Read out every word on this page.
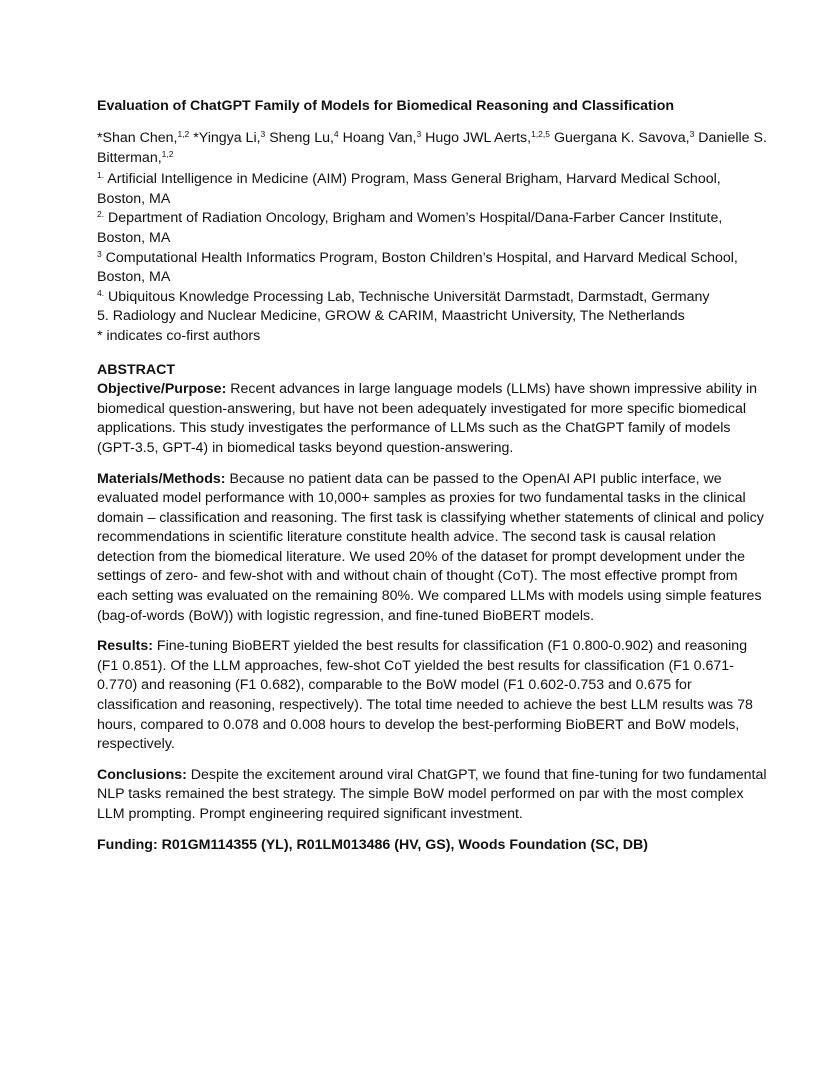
Evaluation of ChatGPT Family of Models for Biomedical Reasoning and Classification
*Shan Chen,$^{1,2}$ *Yingya Li,$^3$ Sheng Lu,$^4$ Hoang Van,$^3$ Hugo JWL Aerts,$^{1,2,5}$ Guergana K. Savova,$^3$ Danielle S. Bitterman,$^{1,2}$
$^{1.}$ Artificial Intelligence in Medicine (AIM) Program, Mass General Brigham, Harvard Medical School, Boston, MA
$^{2.}$ Department of Radiation Oncology, Brigham and Women’s Hospital/Dana-Farber Cancer Institute, Boston, MA
$^3$ Computational Health Informatics Program, Boston Children’s Hospital, and Harvard Medical School, Boston, MA
$^{4.}$ Ubiquitous Knowledge Processing Lab, Technische Universität Darmstadt, Darmstadt, Germany
5. Radiology and Nuclear Medicine, GROW & CARIM, Maastricht University, The Netherlands
* indicates co-first authors
ABSTRACT
Objective/Purpose: Recent advances in large language models (LLMs) have shown impressive ability in biomedical question-answering, but have not been adequately investigated for more specific biomedical applications. This study investigates the performance of LLMs such as the ChatGPT family of models (GPT-3.5, GPT-4) in biomedical tasks beyond question-answering.
Materials/Methods: Because no patient data can be passed to the OpenAI API public interface, we evaluated model performance with 10,000+ samples as proxies for two fundamental tasks in the clinical domain – classification and reasoning. The first task is classifying whether statements of clinical and policy recommendations in scientific literature constitute health advice. The second task is causal relation detection from the biomedical literature. We used 20% of the dataset for prompt development under the settings of zero- and few-shot with and without chain of thought (CoT). The most effective prompt from each setting was evaluated on the remaining 80%. We compared LLMs with models using simple features (bag-of-words (BoW)) with logistic regression, and fine-tuned BioBERT models.
Results: Fine-tuning BioBERT yielded the best results for classification (F1 0.800-0.902) and reasoning (F1 0.851). Of the LLM approaches, few-shot CoT yielded the best results for classification (F1 0.671-0.770) and reasoning (F1 0.682), comparable to the BoW model (F1 0.602-0.753 and 0.675 for classification and reasoning, respectively). The total time needed to achieve the best LLM results was 78 hours, compared to 0.078 and 0.008 hours to develop the best-performing BioBERT and BoW models, respectively.
Conclusions: Despite the excitement around viral ChatGPT, we found that fine-tuning for two fundamental NLP tasks remained the best strategy. The simple BoW model performed on par with the most complex LLM prompting. Prompt engineering required significant investment.
Funding: R01GM114355 (YL), R01LM013486 (HV, GS), Woods Foundation (SC, DB)
